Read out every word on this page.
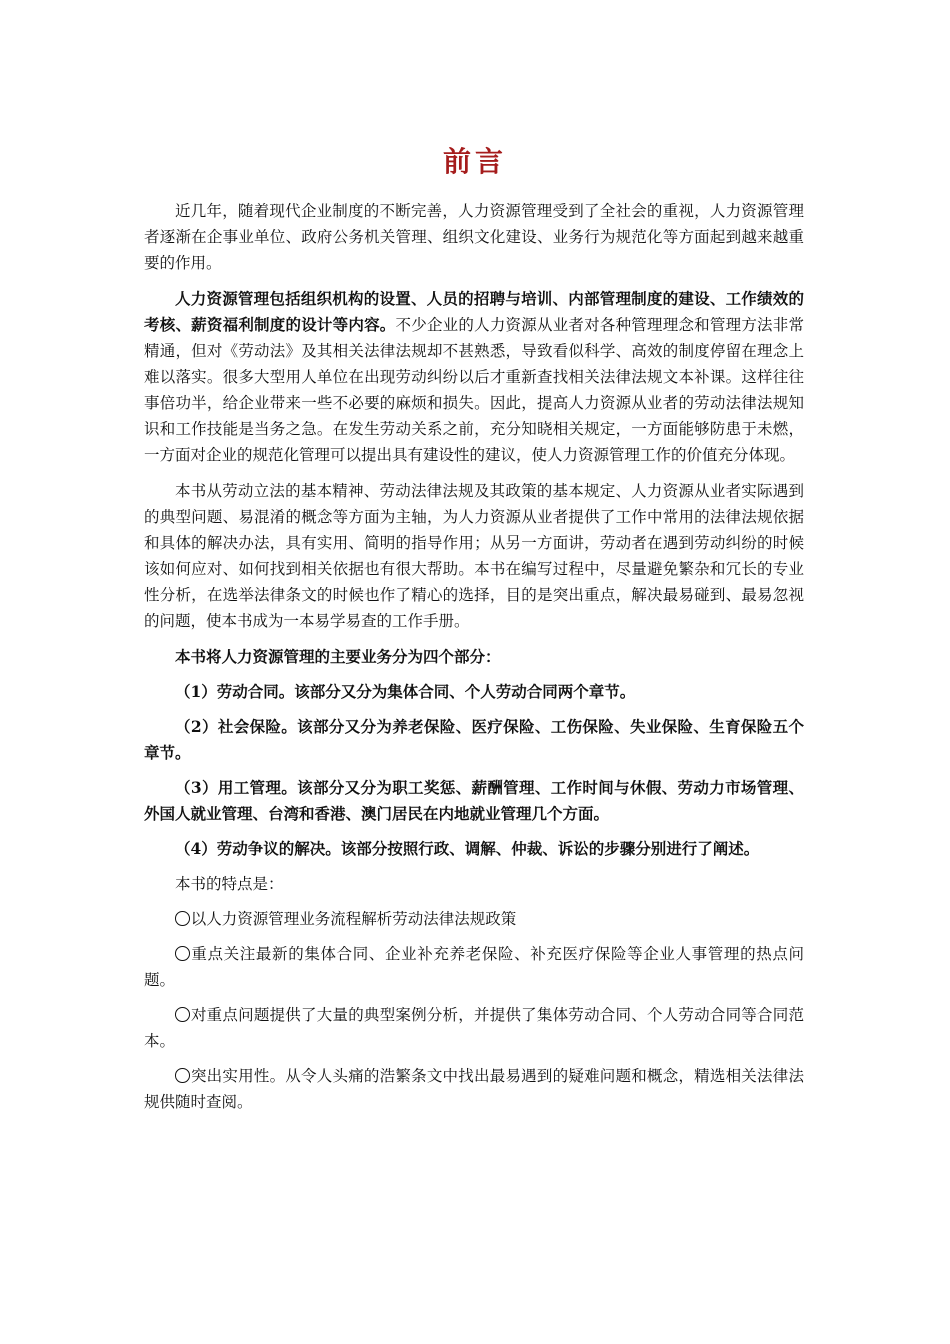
前言

近几年，随着现代企业制度的不断完善，人力资源管理受到了全社会的重视，人力资源管理者逐渐在企事业单位、政府公务机关管理、组织文化建设、业务行为规范化等方面起到越来越重要的作用。

人力资源管理包括组织机构的设置、人员的招聘与培训、内部管理制度的建设、工作绩效的考核、薪资福利制度的设计等内容。不少企业的人力资源从业者对各种管理理念和管理方法非常精通，但对《劳动法》及其相关法律法规却不甚熟悉，导致看似科学、高效的制度停留在理念上难以落实。很多大型用人单位在出现劳动纠纷以后才重新查找相关法律法规文本补课。这样往往事倍功半，给企业带来一些不必要的麻烦和损失。因此，提高人力资源从业者的劳动法律法规知识和工作技能是当务之急。在发生劳动关系之前，充分知晓相关规定，一方面能够防患于未燃，一方面对企业的规范化管理可以提出具有建设性的建议，使人力资源管理工作的价值充分体现。

本书从劳动立法的基本精神、劳动法律法规及其政策的基本规定、人力资源从业者实际遇到的典型问题、易混淆的概念等方面为主轴，为人力资源从业者提供了工作中常用的法律法规依据和具体的解决办法，具有实用、简明的指导作用；从另一方面讲，劳动者在遇到劳动纠纷的时候该如何应对、如何找到相关依据也有很大帮助。本书在编写过程中，尽量避免繁杂和冗长的专业性分析，在选举法律条文的时候也作了精心的选择，目的是突出重点，解决最易碰到、最易忽视的问题，使本书成为一本易学易查的工作手册。

本书将人力资源管理的主要业务分为四个部分：

（1）劳动合同。该部分又分为集体合同、个人劳动合同两个章节。

（2）社会保险。该部分又分为养老保险、医疗保险、工伤保险、失业保险、生育保险五个章节。

（3）用工管理。该部分又分为职工奖惩、薪酬管理、工作时间与休假、劳动力市场管理、外国人就业管理、台湾和香港、澳门居民在内地就业管理几个方面。

（4）劳动争议的解决。该部分按照行政、调解、仲裁、诉讼的步骤分别进行了阐述。

本书的特点是：

以人力资源管理业务流程解析劳动法律法规政策

重点关注最新的集体合同、企业补充养老保险、补充医疗保险等企业人事管理的热点问题。

对重点问题提供了大量的典型案例分析，并提供了集体劳动合同、个人劳动合同等合同范本。

突出实用性。从令人头痛的浩繁条文中找出最易遇到的疑难问题和概念，精选相关法律法规供随时查阅。
